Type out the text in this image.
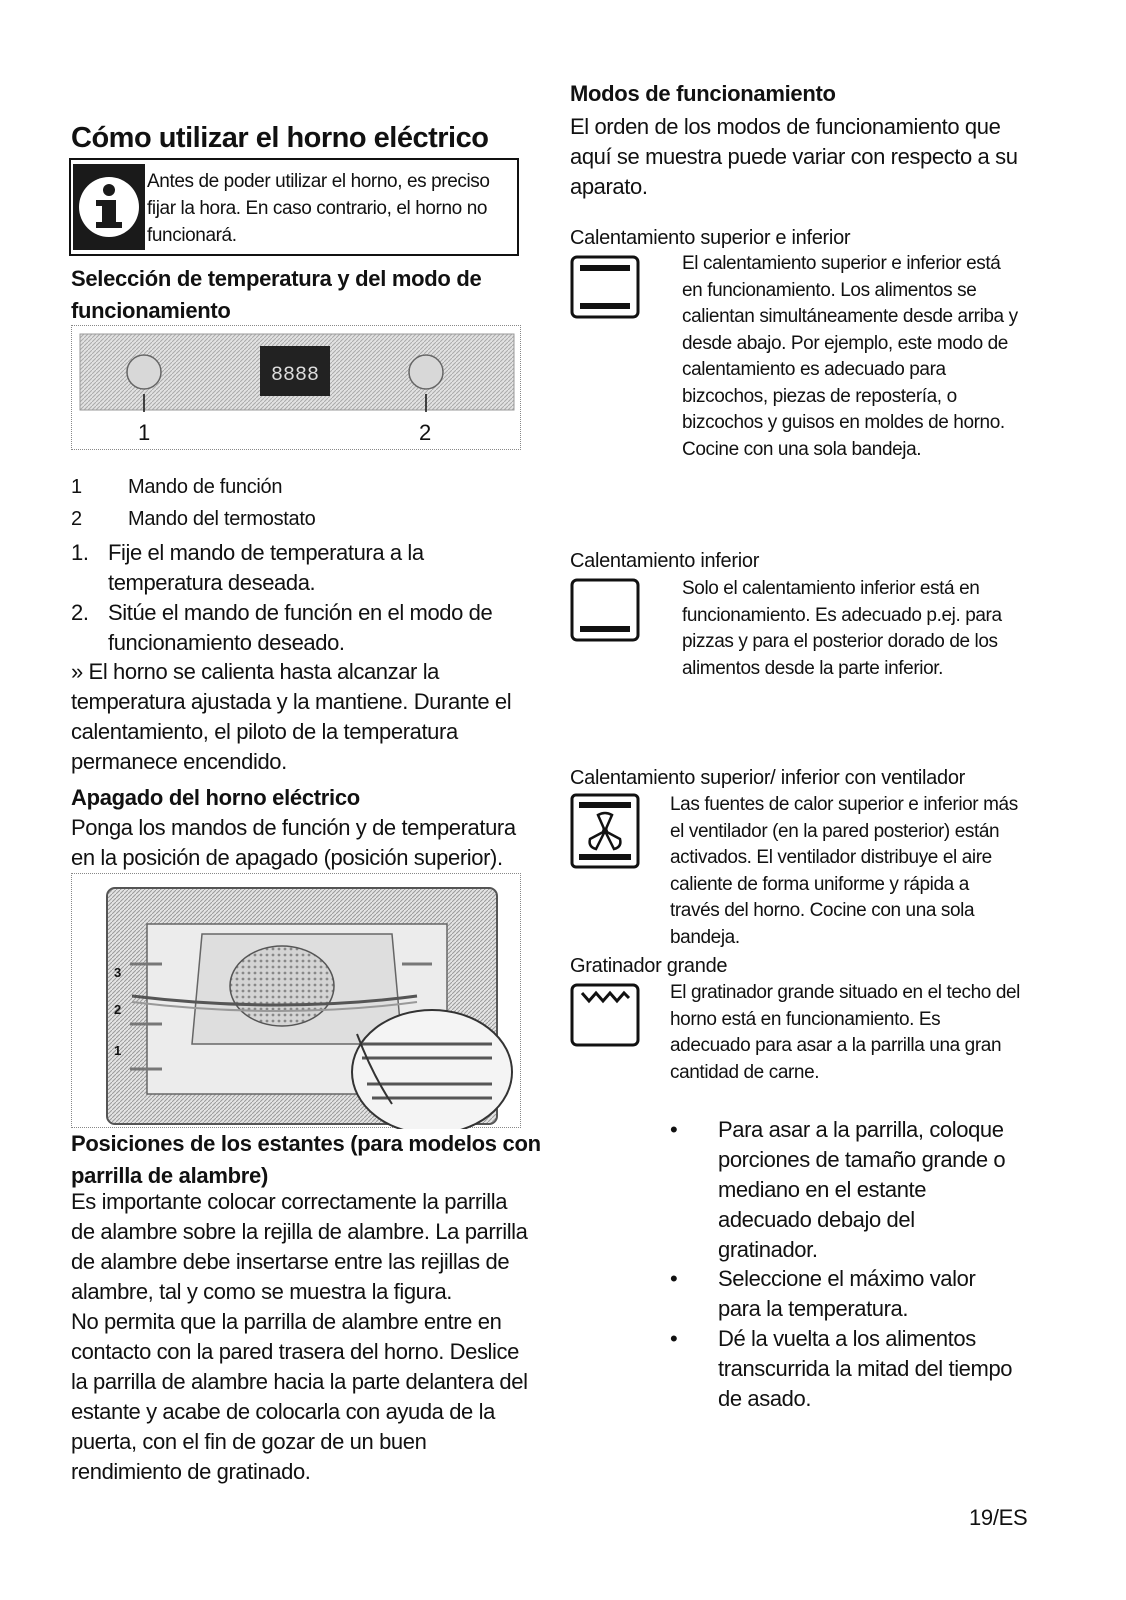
Cómo utilizar el horno eléctrico
Antes de poder utilizar el horno, es preciso fijar la hora. En caso contrario, el horno no funcionará.
Selección de temperatura y del modo de funcionamiento
8888
1	2
1 Mando de función
2 Mando del termostato
1. Fije el mando de temperatura a la temperatura deseada.
2. Sitúe el mando de función en el modo de funcionamiento deseado.
» El horno se calienta hasta alcanzar la temperatura ajustada y la mantiene. Durante el calentamiento, el piloto de la temperatura permanece encendido.
Apagado del horno eléctrico
Ponga los mandos de función y de temperatura en la posición de apagado (posición superior).
3
2
1
Posiciones de los estantes (para modelos con parrilla de alambre)
Es importante colocar correctamente la parrilla de alambre sobre la rejilla de alambre. La parrilla de alambre debe insertarse entre las rejillas de alambre, tal y como se muestra la figura.
No permita que la parrilla de alambre entre en contacto con la pared trasera del horno. Deslice la parrilla de alambre hacia la parte delantera del estante y acabe de colocarla con ayuda de la puerta, con el fin de gozar de un buen rendimiento de gratinado.
Modos de funcionamiento
El orden de los modos de funcionamiento que aquí se muestra puede variar con respecto a su aparato.
Calentamiento superior e inferior
El calentamiento superior e inferior está en funcionamiento. Los alimentos se calientan simultáneamente desde arriba y desde abajo. Por ejemplo, este modo de calentamiento es adecuado para bizcochos, piezas de repostería, o bizcochos y guisos en moldes de horno. Cocine con una sola bandeja.
Calentamiento inferior
Solo el calentamiento inferior está en funcionamiento. Es adecuado p.ej. para pizzas y para el posterior dorado de los alimentos desde la parte inferior.
Calentamiento superior/ inferior con ventilador
Las fuentes de calor superior e inferior más el ventilador (en la pared posterior) están activados. El ventilador distribuye el aire caliente de forma uniforme y rápida a través del horno. Cocine con una sola bandeja.
Gratinador grande
El gratinador grande situado en el techo del horno está en funcionamiento. Es adecuado para asar a la parrilla una gran cantidad de carne.
• Para asar a la parrilla, coloque porciones de tamaño grande o mediano en el estante adecuado debajo del gratinador.
• Seleccione el máximo valor para la temperatura.
• Dé la vuelta a los alimentos transcurrida la mitad del tiempo de asado.
19/ES
